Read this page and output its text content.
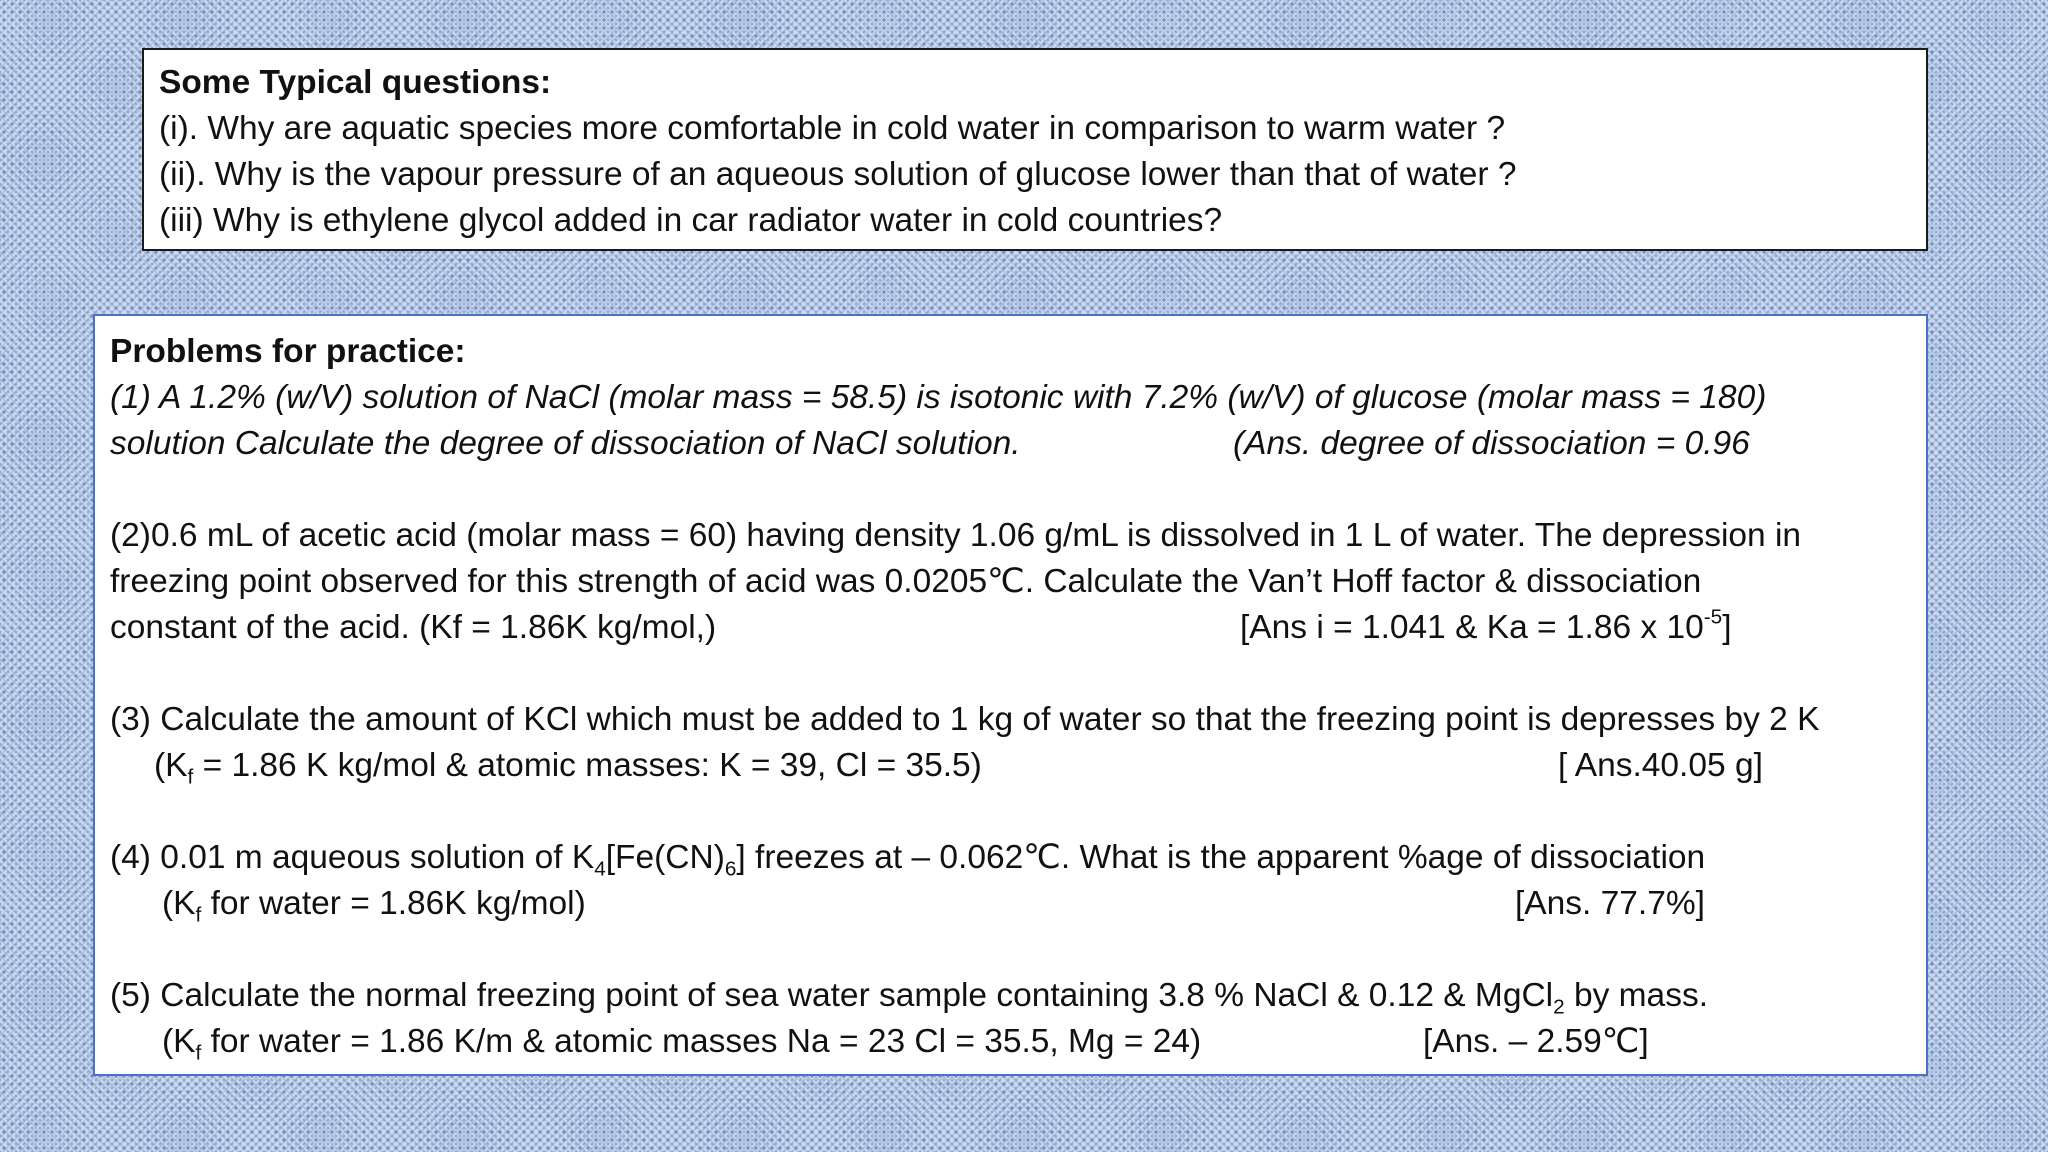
Some Typical questions:
(i). Why are aquatic species more comfortable in cold water in comparison to warm water ?
(ii). Why is the vapour pressure of an aqueous solution of glucose lower than that of water ?
(iii) Why is ethylene glycol added in car radiator water in cold countries?
Problems for practice:
(1) A 1.2% (w/V) solution of NaCl (molar mass = 58.5) is isotonic with 7.2% (w/V) of glucose (molar mass = 180)
solution Calculate the degree of dissociation of NaCl solution.	(Ans. degree of dissociation = 0.96
(2)0.6 mL of acetic acid (molar mass = 60) having density 1.06 g/mL is dissolved in 1 L of water. The depression in
freezing point observed for this strength of acid was 0.0205℃. Calculate the Van’t Hoff factor & dissociation
constant of the acid. (Kf = 1.86K kg/mol,)	[Ans i = 1.041 & Ka = 1.86 x $10^{-5}$]
(3) Calculate the amount of KCl which must be added to 1 kg of water so that the freezing point is depresses by 2 K
($K_f = 1.86$ K kg/mol & atomic masses: K = 39, Cl = 35.5)	[ Ans.40.05 g]
(4) 0.01 m aqueous solution of $K_4[Fe(CN)_6]$ freezes at – 0.062℃. What is the apparent %age of dissociation
($K_f$ for water = 1.86K kg/mol)	[Ans. 77.7%]
(5) Calculate the normal freezing point of sea water sample containing 3.8 % NaCl & 0.12 & MgCl$_2$ by mass.
($K_f$ for water = 1.86 K/m & atomic masses Na = 23 Cl = 35.5, Mg = 24)	[Ans. – 2.59℃]
